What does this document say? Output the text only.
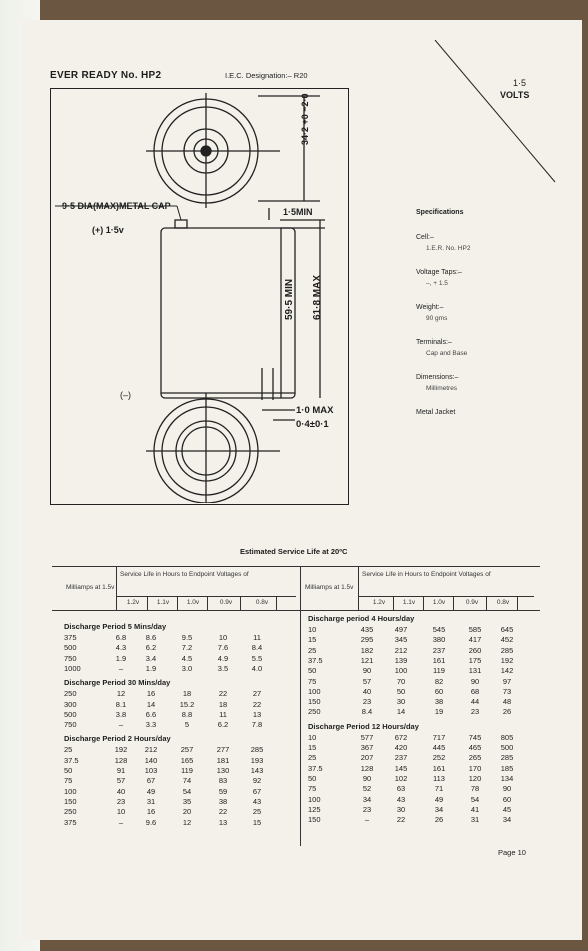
EVER READY No. HP2	I.E.C. Designation:– R20
1·5
VOLTS
9·5 DIA(MAX)METAL CAP
(+) 1·5v
(–)
1·5MIN
34·2 +0 −2·0
59·5 MIN 61·8 MAX
1·0 MAX
0·4±0·1
Specifications
Estimated Service Life at 20ºC
Page 10
Cell:–
1.E.R. No. HP2
Voltage Taps:–
–, + 1.5
Weight:–
90 gms
Terminals:–
Cap and Base
Dimensions:–
Millimetres
Metal Jacket
Milliamps at 1.5v
Service Life in Hours to Endpoint Voltages of
1.2v	1.1v	1.0v	0.9v	0.8v
Milliamps at 1.5v
Service Life in Hours to Endpoint Voltages of
1.2v	1.1v	1.0v	0.9v	0.8v
Discharge Period 5 Mins/day
375	6.8	8.6	9.5	10	11
500	4.3	6.2	7.2	7.6	8.4
750	1.9	3.4	4.5	4.9	5.5
1000	–	1.9	3.0	3.5	4.0
Discharge Period 30 Mins/day
250	12	16	18	22	27
300	8.1	14	15.2	18	22
500	3.8	6.6	8.8	11	13
750	–	3.3	5	6.2	7.8
Discharge Period 2 Hours/day
25	192	212	257	277	285
37.5	128	140	165	181	193
50	91	103	119	130	143
75	57	67	74	83	92
100	40	49	54	59	67
150	23	31	35	38	43
250	10	16	20	22	25
375	–	9.6	12	13	15
Discharge period 4 Hours/day
10	435	497	545	585	645
15	295	345	380	417	452
25	182	212	237	260	285
37.5	121	139	161	175	192
50	90	100	119	131	142
75	57	70	82	90	97
100	40	50	60	68	73
150	23	30	38	44	48
250	8.4	14	19	23	26
Discharge Period 12 Hours/day
10	577	672	717	745	805
15	367	420	445	465	500
25	207	237	252	265	285
37.5	128	145	161	170	185
50	90	102	113	120	134
75	52	63	71	78	90
100	34	43	49	54	60
125	23	30	34	41	45
150	–	22	26	31	34
